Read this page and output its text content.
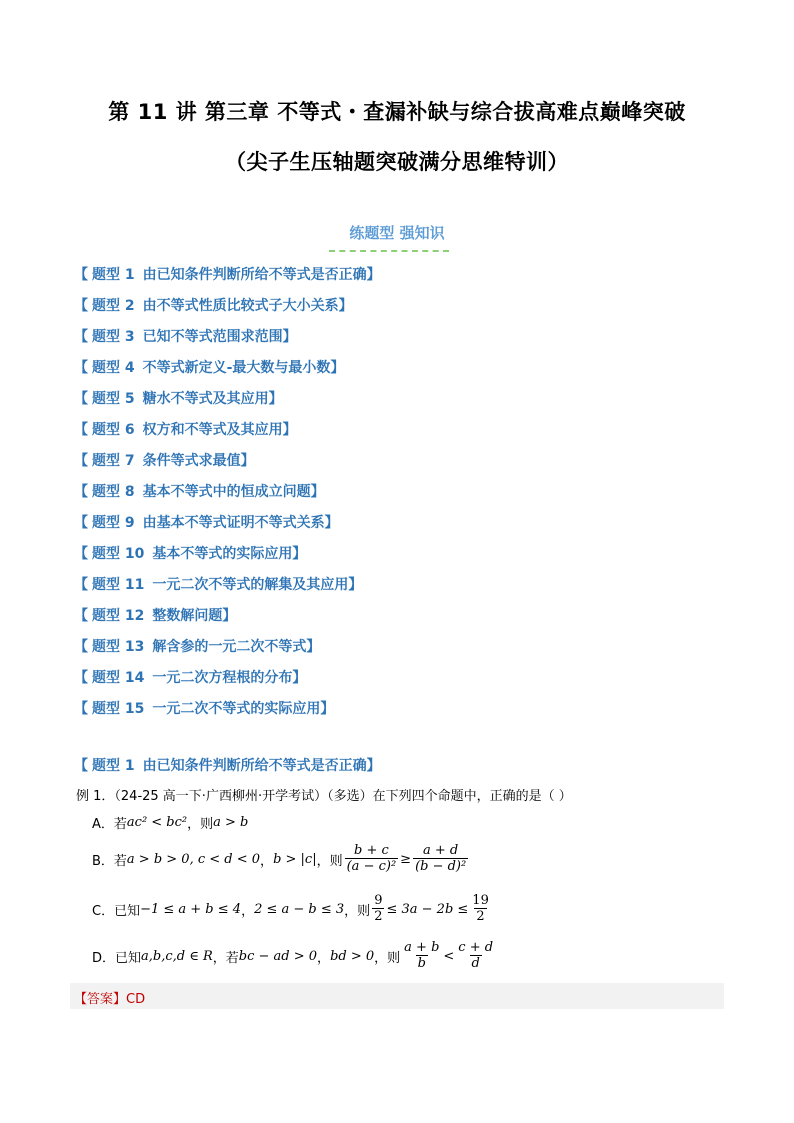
第 11 讲 第三章 不等式・查漏补缺与综合拔高难点巅峰突破
（尖子生压轴题突破满分思维特训）
练题型 强知识
【 题型 1 由已知条件判断所给不等式是否正确】
【 题型 2 由不等式性质比较式子大小关系】
【 题型 3 已知不等式范围求范围】
【 题型 4 不等式新定义-最大数与最小数】
【 题型 5 糖水不等式及其应用】
【 题型 6 权方和不等式及其应用】
【 题型 7 条件等式求最值】
【 题型 8 基本不等式中的恒成立问题】
【 题型 9 由基本不等式证明不等式关系】
【 题型 10 基本不等式的实际应用】
【 题型 11 一元二次不等式的解集及其应用】
【 题型 12 整数解问题】
【 题型 13 解含参的一元二次不等式】
【 题型 14 一元二次方程根的分布】
【 题型 15 一元二次不等式的实际应用】
【 题型 1 由已知条件判断所给不等式是否正确】
例 1．（24-25 高一下·广西柳州·开学考试）（多选）在下列四个命题中，正确的是（ ）
A．若 ac² < bc² ，则 a > b
B．若 a > b > 0, c < d < 0 ， b > |c| ，则 $\frac{b + c}{\text{(a − c)²}} \ge \frac{a + d}{\text{(b − d)²}}$
C．已知 −1 ≤ a + b ≤ 4 ， 2 ≤ a − b ≤ 3 ，则 $\frac{9}{2} \le 3a - 2b \le \frac{19}{2}$
D．已知 a,b,c,d ∈ R ，若 bc − ad > 0 ， bd > 0 ，则 $\frac{a + b}{b} < \frac{c + d}{d}$
【答案】CD
